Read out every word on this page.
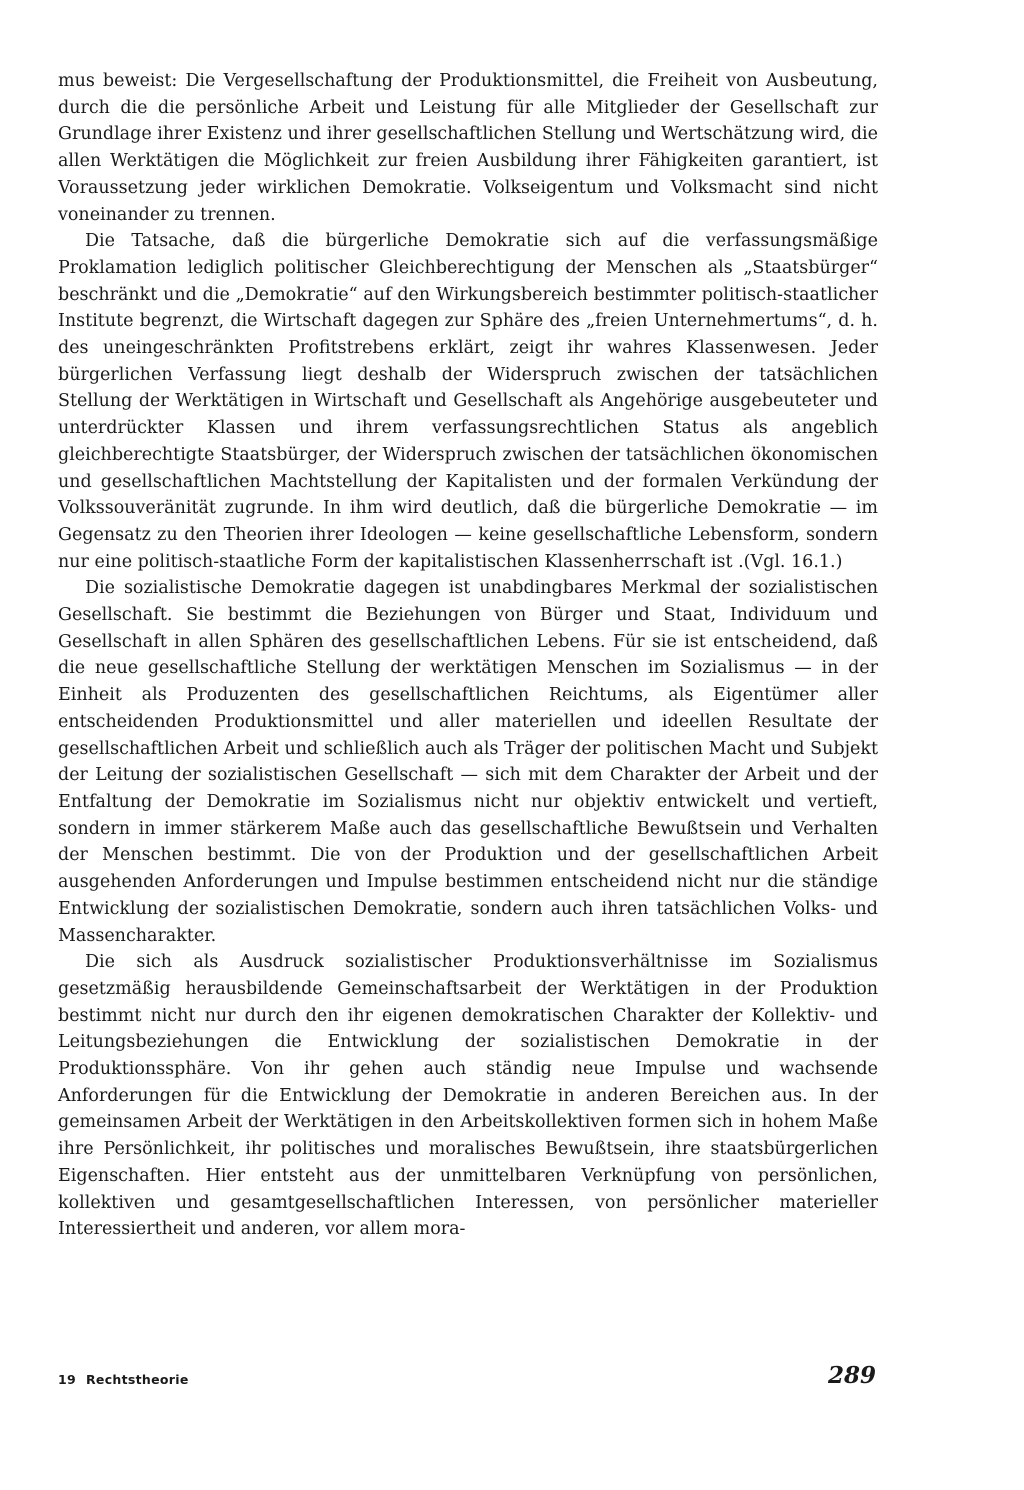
mus beweist: Die Vergesellschaftung der Produktionsmittel, die Freiheit von Ausbeutung, durch die die persönliche Arbeit und Leistung für alle Mitglieder der Gesellschaft zur Grundlage ihrer Existenz und ihrer gesellschaftlichen Stellung und Wertschätzung wird, die allen Werktätigen die Möglichkeit zur freien Ausbildung ihrer Fähigkeiten garantiert, ist Voraussetzung jeder wirklichen Demokratie. Volkseigentum und Volksmacht sind nicht voneinander zu trennen.

Die Tatsache, daß die bürgerliche Demokratie sich auf die verfassungsmäßige Proklamation lediglich politischer Gleichberechtigung der Menschen als „Staatsbürger“ beschränkt und die „Demokratie“ auf den Wirkungsbereich bestimmter politisch-staatlicher Institute begrenzt, die Wirtschaft dagegen zur Sphäre des „freien Unternehmertums“, d. h. des uneingeschränkten Profitstrebens erklärt, zeigt ihr wahres Klassenwesen. Jeder bürgerlichen Verfassung liegt deshalb der Widerspruch zwischen der tatsächlichen Stellung der Werktätigen in Wirtschaft und Gesellschaft als Angehörige ausgebeuteter und unterdrückter Klassen und ihrem verfassungsrechtlichen Status als angeblich gleichberechtigte Staatsbürger, der Widerspruch zwischen der tatsächlichen ökonomischen und gesellschaftlichen Machtstellung der Kapitalisten und der formalen Verkündung der Volkssouveränität zugrunde. In ihm wird deutlich, daß die bürgerliche Demokratie — im Gegensatz zu den Theorien ihrer Ideologen — keine gesellschaftliche Lebensform, sondern nur eine politisch-staatliche Form der kapitalistischen Klassenherrschaft ist .(Vgl. 16.1.)

Die sozialistische Demokratie dagegen ist unabdingbares Merkmal der sozialistischen Gesellschaft. Sie bestimmt die Beziehungen von Bürger und Staat, Individuum und Gesellschaft in allen Sphären des gesellschaftlichen Lebens. Für sie ist entscheidend, daß die neue gesellschaftliche Stellung der werktätigen Menschen im Sozialismus — in der Einheit als Produzenten des gesellschaftlichen Reichtums, als Eigentümer aller entscheidenden Produktionsmittel und aller materiellen und ideellen Resultate der gesellschaftlichen Arbeit und schließlich auch als Träger der politischen Macht und Subjekt der Leitung der sozialistischen Gesellschaft — sich mit dem Charakter der Arbeit und der Entfaltung der Demokratie im Sozialismus nicht nur objektiv entwickelt und vertieft, sondern in immer stärkerem Maße auch das gesellschaftliche Bewußtsein und Verhalten der Menschen bestimmt. Die von der Produktion und der gesellschaftlichen Arbeit ausgehenden Anforderungen und Impulse bestimmen entscheidend nicht nur die ständige Entwicklung der sozialistischen Demokratie, sondern auch ihren tatsächlichen Volks- und Massencharakter.

Die sich als Ausdruck sozialistischer Produktionsverhältnisse im Sozialismus gesetzmäßig herausbildende Gemeinschaftsarbeit der Werktätigen in der Produktion bestimmt nicht nur durch den ihr eigenen demokratischen Charakter der Kollektiv- und Leitungsbeziehungen die Entwicklung der sozialistischen Demokratie in der Produktionssphäre. Von ihr gehen auch ständig neue Impulse und wachsende Anforderungen für die Entwicklung der Demokratie in anderen Bereichen aus. In der gemeinsamen Arbeit der Werktätigen in den Arbeitskollektiven formen sich in hohem Maße ihre Persönlichkeit, ihr politisches und moralisches Bewußtsein, ihre staatsbürgerlichen Eigenschaften. Hier entsteht aus der unmittelbaren Verknüpfung von persönlichen, kollektiven und gesamtgesellschaftlichen Interessen, von persönlicher materieller Interessiertheit und anderen, vor allem mora-

19 Rechtstheorie	289
